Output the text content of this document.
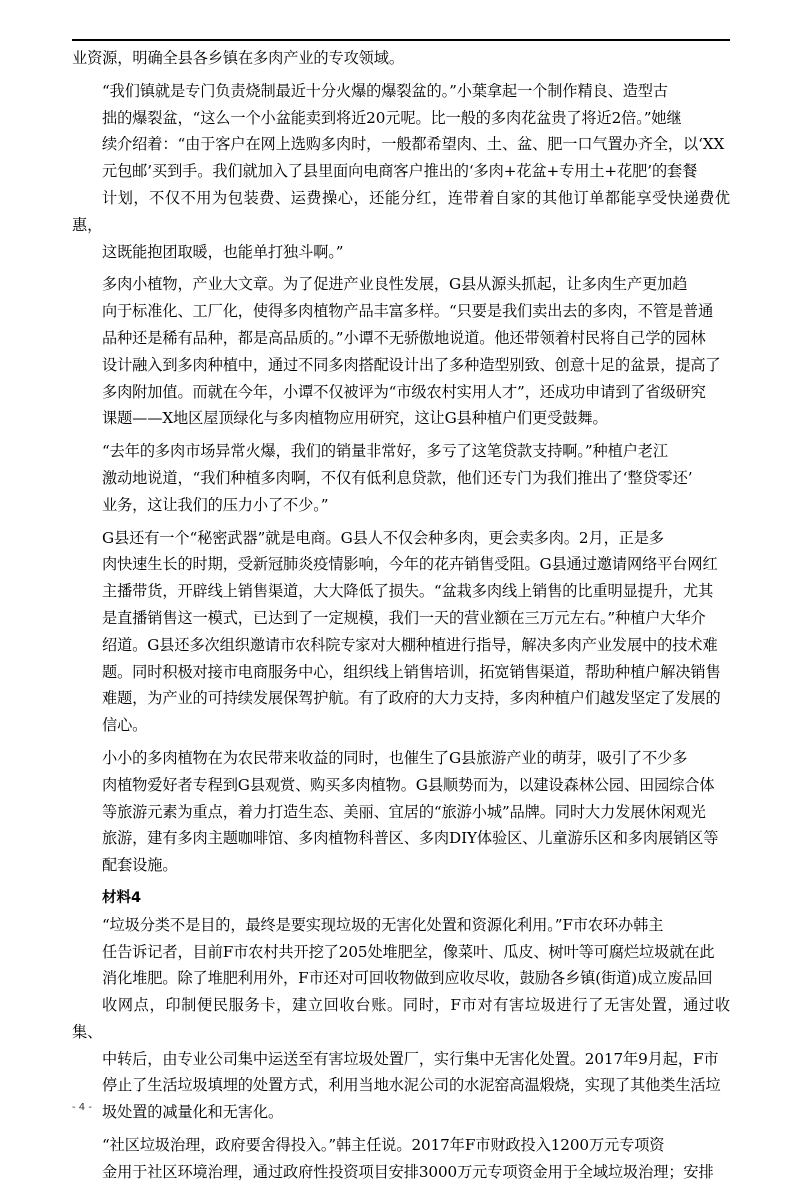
业资源，明确全县各乡镇在多肉产业的专攻领域。

“我们镇就是专门负责烧制最近十分火爆的爆裂盆的。”小葉拿起一个制作精良、造型古
拙的爆裂盆，“这么一个小盆能卖到将近20元呢。比一般的多肉花盆贵了将近2倍。”她继
续介绍着：“由于客户在网上选购多肉时，一般都希望肉、土、盆、肥一口气置办齐全，以‘XX
元包邮’买到手。我们就加入了县里面向电商客户推出的‘多肉+花盆+专用土+花肥’的套餐
计划，不仅不用为包装费、运费操心，还能分红，连带着自家的其他订单都能享受快递费优惠，
这既能抱团取暖，也能单打独斗啊。”

多肉小植物，产业大文章。为了促进产业良性发展，G县从源头抓起，让多肉生产更加趋
向于标准化、工厂化，使得多肉植物产品丰富多样。“只要是我们卖出去的多肉，不管是普通
品种还是稀有品种，都是高品质的。”小谭不无骄傲地说道。他还带领着村民将自己学的园林
设计融入到多肉种植中，通过不同多肉搭配设计出了多种造型别致、创意十足的盆景，提高了
多肉附加值。而就在今年，小谭不仅被评为“市级农村实用人才”，还成功申请到了省级研究
课题——X地区屋顶绿化与多肉植物应用研究，这让G县种植户们更受鼓舞。

“去年的多肉市场异常火爆，我们的销量非常好，多亏了这笔贷款支持啊。”种植户老江
激动地说道，“我们种植多肉啊，不仅有低利息贷款，他们还专门为我们推出了‘整贷零还’
业务，这让我们的压力小了不少。”

G县还有一个“秘密武器”就是电商。G县人不仅会种多肉，更会卖多肉。2月，正是多
肉快速生长的时期，受新冠肺炎疫情影响，今年的花卉销售受阻。G县通过邀请网络平台网红
主播带货，开辟线上销售渠道，大大降低了损失。“盆栽多肉线上销售的比重明显提升，尤其
是直播销售这一模式，已达到了一定规模，我们一天的营业额在三万元左右。”种植户大华介
绍道。G县还多次组织邀请市农科院专家对大棚种植进行指导，解决多肉产业发展中的技术难
题。同时积极对接市电商服务中心，组织线上销售培训，拓宽销售渠道，帮助种植户解决销售
难题，为产业的可持续发展保驾护航。有了政府的大力支持，多肉种植户们越发坚定了发展的
信心。

小小的多肉植物在为农民带来收益的同时，也催生了G县旅游产业的萌芽，吸引了不少多
肉植物爱好者专程到G县观赏、购买多肉植物。G县顺势而为，以建设森林公园、田园综合体
等旅游元素为重点，着力打造生态、美丽、宜居的“旅游小城”品牌。同时大力发展休闲观光
旅游，建有多肉主题咖啡馆、多肉植物科普区、多肉DIY体验区、儿童游乐区和多肉展销区等
配套设施。

材料4

“垃圾分类不是目的，最终是要实现垃圾的无害化处置和资源化利用。”F市农环办韩主
任告诉记者，目前F市农村共开挖了205处堆肥坌，像菜叶、瓜皮、树叶等可腐烂垃圾就在此
消化堆肥。除了堆肥利用外，F市还对可回收物做到应收尽收，鼓励各乡镇(街道)成立废品回
收网点，印制便民服务卡，建立回收台账。同时，F市对有害垃圾进行了无害处置，通过收集、
中转后，由专业公司集中运送至有害垃圾处置厂，实行集中无害化处置。2017年9月起，F市
停止了生活垃圾填埋的处置方式，利用当地水泥公司的水泥窑高温煅烧，实现了其他类生活垃
圾处置的减量化和无害化。

“社区垃圾治理，政府要舍得投入。”韩主任说。2017年F市财政投入1200万元专项资
金用于社区环境治理，通过政府性投资项目安排3000万元专项资金用于全域垃圾治理；安排

- 4 -
